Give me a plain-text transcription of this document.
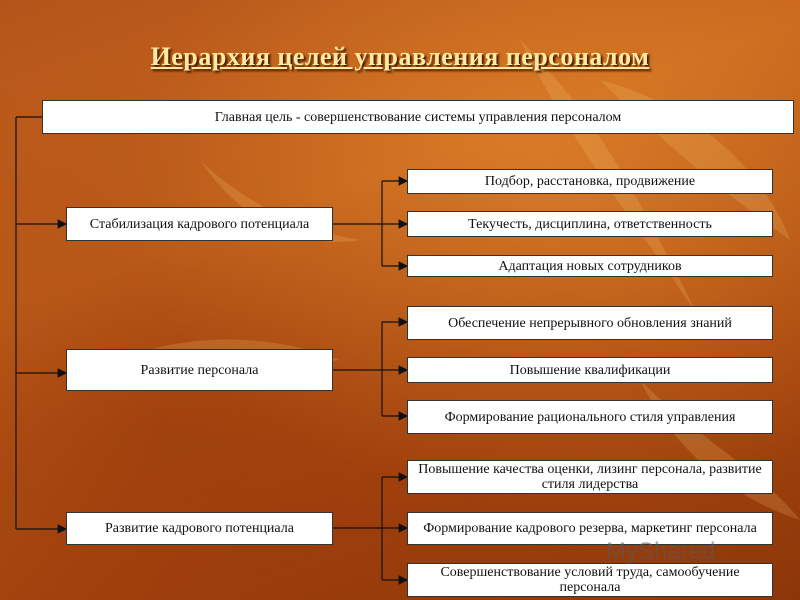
Иерархия целей управления персоналом
Главная цель - совершенствование системы управления персоналом
Стабилизация кадрового потенциала
Развитие персонала
Развитие кадрового потенциала
Подбор, расстановка, продвижение
Текучесть, дисциплина, ответственность
Адаптация новых сотрудников
Обеспечение непрерывного обновления знаний
Повышение квалификации
Формирование рационального стиля управления
Повышение качества оценки, лизинг персонала, развитие стиля лидерства
Формирование кадрового резерва, маркетинг персонала
Совершенствование условий труда, самообучение персонала
MyShared
